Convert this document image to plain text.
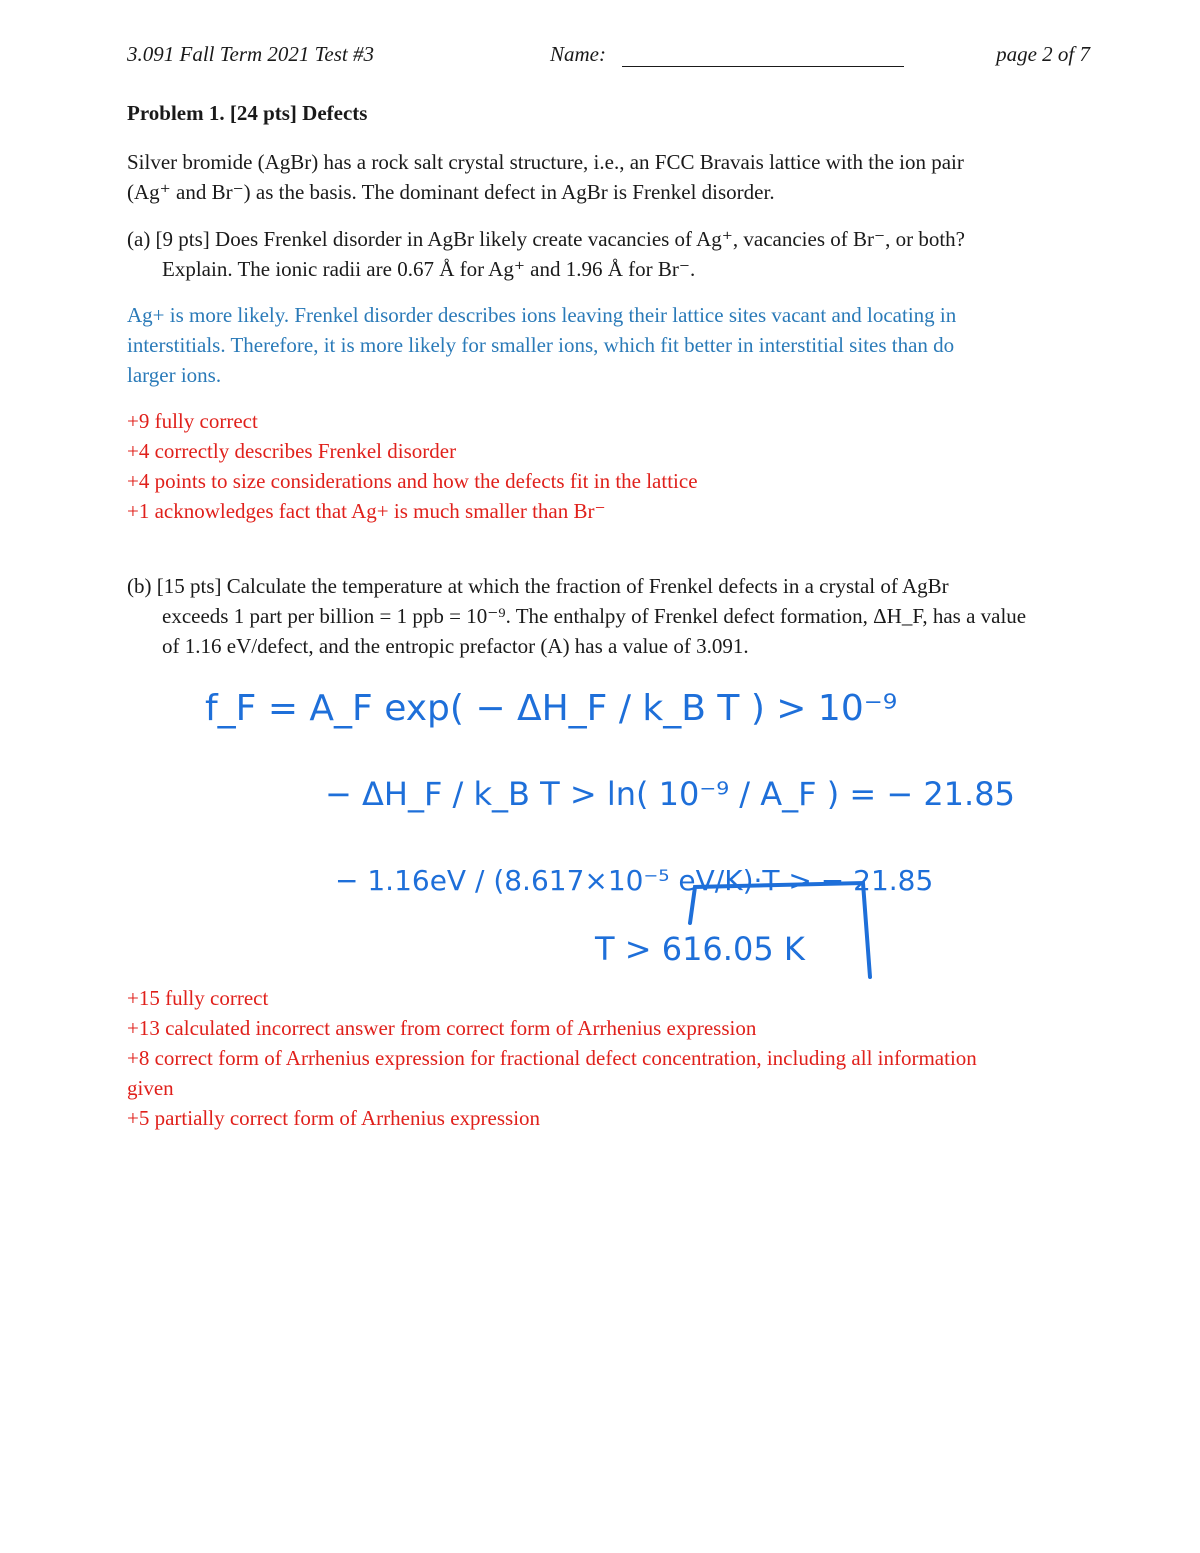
3.091 Fall Term 2021 Test #3	Name:	page 2 of 7
Problem 1. [24 pts] Defects
Silver bromide (AgBr) has a rock salt crystal structure, i.e., an FCC Bravais lattice with the ion pair
(Ag⁺ and Br⁻) as the basis. The dominant defect in AgBr is Frenkel disorder.
(a) [9 pts] Does Frenkel disorder in AgBr likely create vacancies of Ag⁺, vacancies of Br⁻, or both?
Explain. The ionic radii are 0.67 Å for Ag⁺ and 1.96 Å for Br⁻.
Ag+ is more likely. Frenkel disorder describes ions leaving their lattice sites vacant and locating in
interstitials. Therefore, it is more likely for smaller ions, which fit better in interstitial sites than do
larger ions.
+9 fully correct
+4 correctly describes Frenkel disorder
+4 points to size considerations and how the defects fit in the lattice
+1 acknowledges fact that Ag+ is much smaller than Br⁻
(b) [15 pts] Calculate the temperature at which the fraction of Frenkel defects in a crystal of AgBr
exceeds 1 part per billion = 1 ppb = 10⁻⁹. The enthalpy of Frenkel defect formation, ΔH_F, has a value
of 1.16 eV/defect, and the entropic prefactor (A) has a value of 3.091.
f_F = A_F exp( − ΔH_F / k_B T ) > 10⁻⁹
− ΔH_F / k_B T > ln( 10⁻⁹ / A_F ) = − 21.85
− 1.16eV / (8.617×10⁻⁵ eV/K)·T > − 21.85
T > 616.05 K
+15 fully correct
+13 calculated incorrect answer from correct form of Arrhenius expression
+8 correct form of Arrhenius expression for fractional defect concentration, including all information
given
+5 partially correct form of Arrhenius expression
